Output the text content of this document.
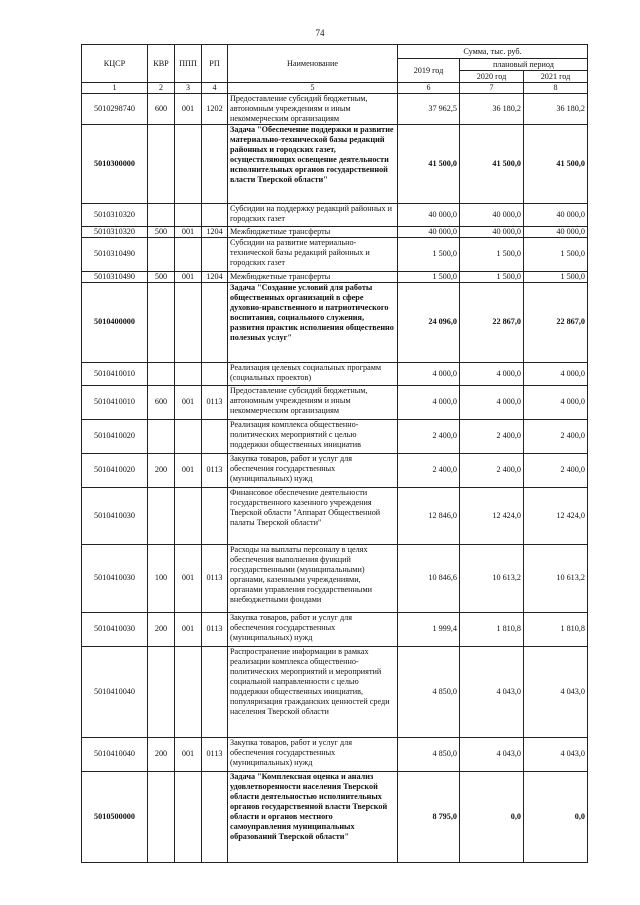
74
КЦСР	КВР	ППП	РП	Наименование	Сумма, тыс. руб.		
					2019 год	плановый период	
						2020 год	2021 год
1	2	3	4	5	6	7	8
5010298740	600	001	1202	Предоставление субсидий бюджетным, автономным учреждениям и иным некоммерческим организациям	37 962,5	36 180,2	36 180,2
5010300000				Задача "Обеспечение поддержки и развитие материально-технической базы редакций районных и городских газет, осуществляющих освещение деятельности исполнительных органов государственной власти Тверской области"	41 500,0	41 500,0	41 500,0
5010310320				Субсидии на поддержку редакций районных и городских газет	40 000,0	40 000,0	40 000,0
5010310320	500	001	1204	Межбюджетные трансферты	40 000,0	40 000,0	40 000,0
5010310490				Субсидии на развитие материально-технической базы редакций районных и городских газет	1 500,0	1 500,0	1 500,0
5010310490	500	001	1204	Межбюджетные трансферты	1 500,0	1 500,0	1 500,0
5010400000				Задача "Создание условий для работы общественных организаций в сфере духовно-нравственного и патриотического воспитания, социального служения, развития практик исполнения общественно полезных услуг"	24 096,0	22 867,0	22 867,0
5010410010				Реализация целевых социальных программ (социальных проектов)	4 000,0	4 000,0	4 000,0
5010410010	600	001	0113	Предоставление субсидий бюджетным, автономным учреждениям и иным некоммерческим организациям	4 000,0	4 000,0	4 000,0
5010410020				Реализация комплекса общественно-политических мероприятий с целью поддержки общественных инициатив	2 400,0	2 400,0	2 400,0
5010410020	200	001	0113	Закупка товаров, работ и услуг для обеспечения государственных (муниципальных) нужд	2 400,0	2 400,0	2 400,0
5010410030				Финансовое обеспечение деятельности государственного казенного учреждения Тверской области "Аппарат Общественной палаты Тверской области"	12 846,0	12 424,0	12 424,0
5010410030	100	001	0113	Расходы на выплаты персоналу в целях обеспечения выполнения функций государственными (муниципальными) органами, казенными учреждениями, органами управления государственными внебюджетными фондами	10 846,6	10 613,2	10 613,2
5010410030	200	001	0113	Закупка товаров, работ и услуг для обеспечения государственных (муниципальных) нужд	1 999,4	1 810,8	1 810,8
5010410040				Распространение информации в рамках реализации комплекса общественно-политических мероприятий и мероприятий социальной направленности с целью поддержки общественных инициатив, популяризация гражданских ценностей среди населения Тверской области	4 850,0	4 043,0	4 043,0
5010410040	200	001	0113	Закупка товаров, работ и услуг для обеспечения государственных (муниципальных) нужд	4 850,0	4 043,0	4 043,0
5010500000				Задача "Комплексная оценка и анализ удовлетворенности населения Тверской области деятельностью исполнительных органов государственной власти Тверской области и органов местного самоуправления муниципальных образований Тверской области"	8 795,0	0,0	0,0
